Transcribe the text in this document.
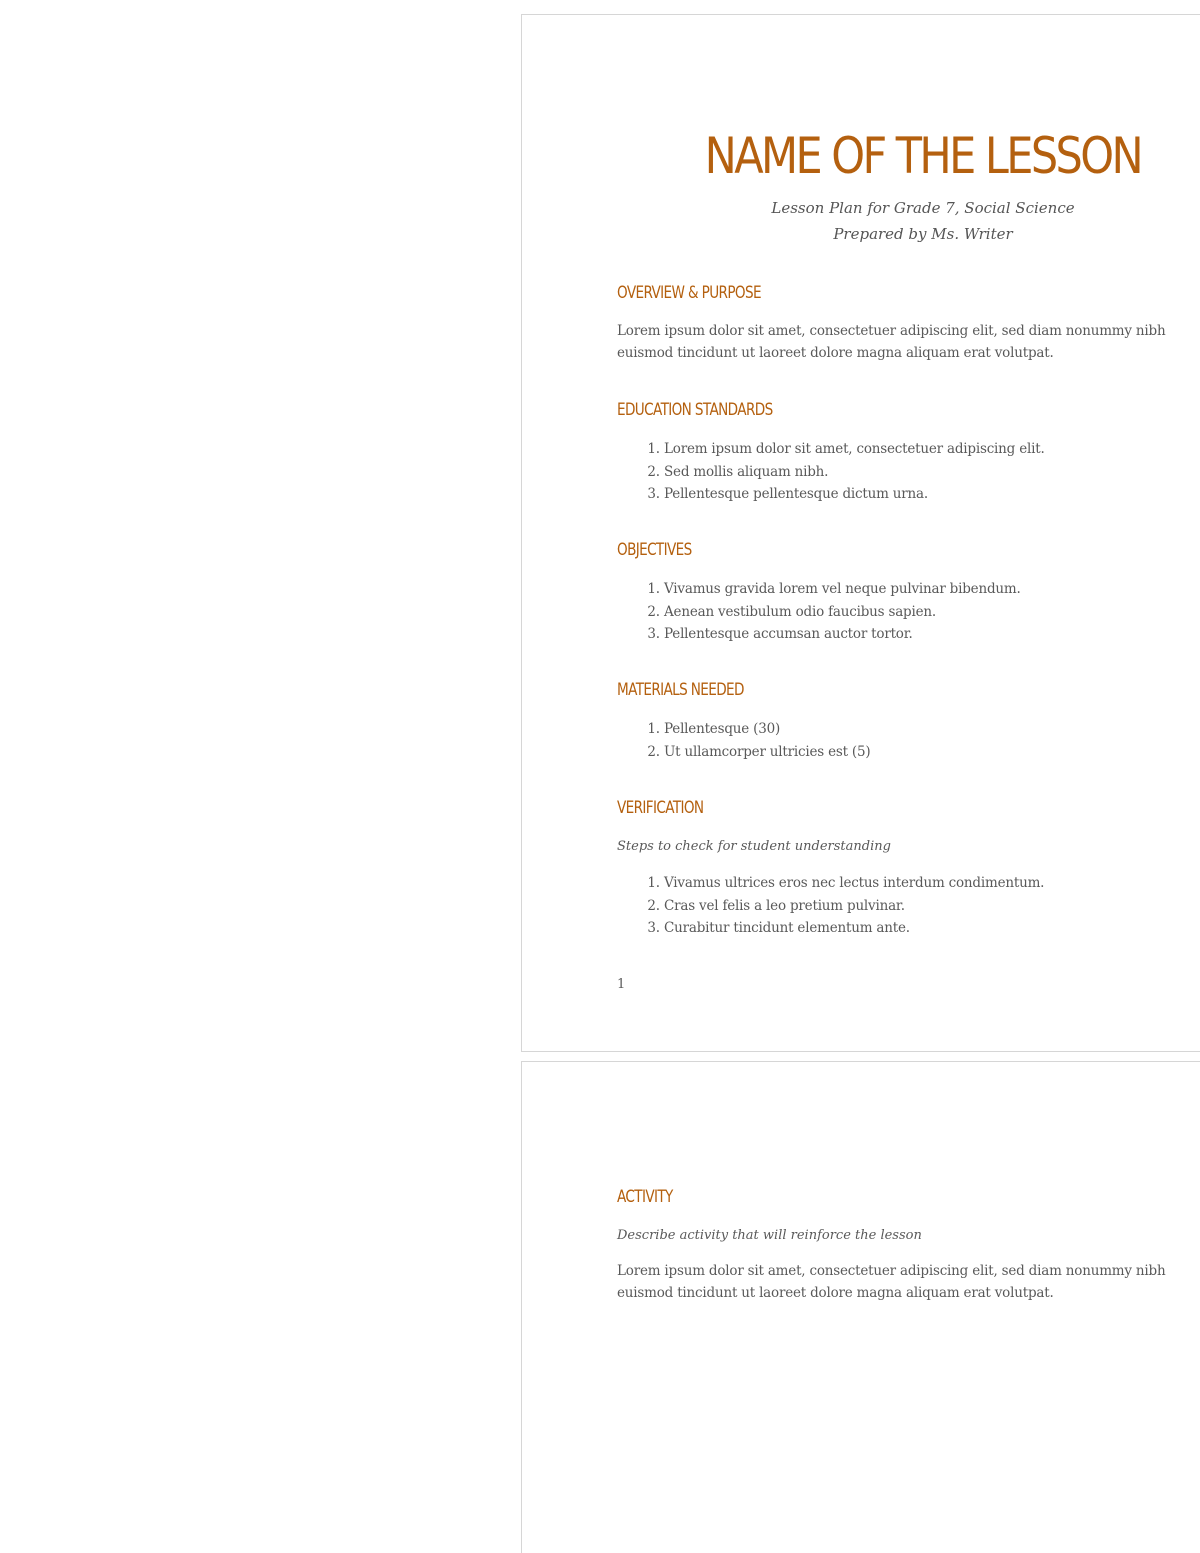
NAME OF THE LESSON
Lesson Plan for Grade 7, Social Science
Prepared by Ms. Writer
OVERVIEW & PURPOSE
Lorem ipsum dolor sit amet, consectetuer adipiscing elit, sed diam nonummy nibh
euismod tincidunt ut laoreet dolore magna aliquam erat volutpat.
EDUCATION STANDARDS
1. Lorem ipsum dolor sit amet, consectetuer adipiscing elit.
2. Sed mollis aliquam nibh.
3. Pellentesque pellentesque dictum urna.
OBJECTIVES
1. Vivamus gravida lorem vel neque pulvinar bibendum.
2. Aenean vestibulum odio faucibus sapien.
3. Pellentesque accumsan auctor tortor.
MATERIALS NEEDED
1. Pellentesque (30)
2. Ut ullamcorper ultricies est (5)
VERIFICATION
Steps to check for student understanding
1. Vivamus ultrices eros nec lectus interdum condimentum.
2. Cras vel felis a leo pretium pulvinar.
3. Curabitur tincidunt elementum ante.
1
ACTIVITY
Describe activity that will reinforce the lesson
Lorem ipsum dolor sit amet, consectetuer adipiscing elit, sed diam nonummy nibh
euismod tincidunt ut laoreet dolore magna aliquam erat volutpat.
